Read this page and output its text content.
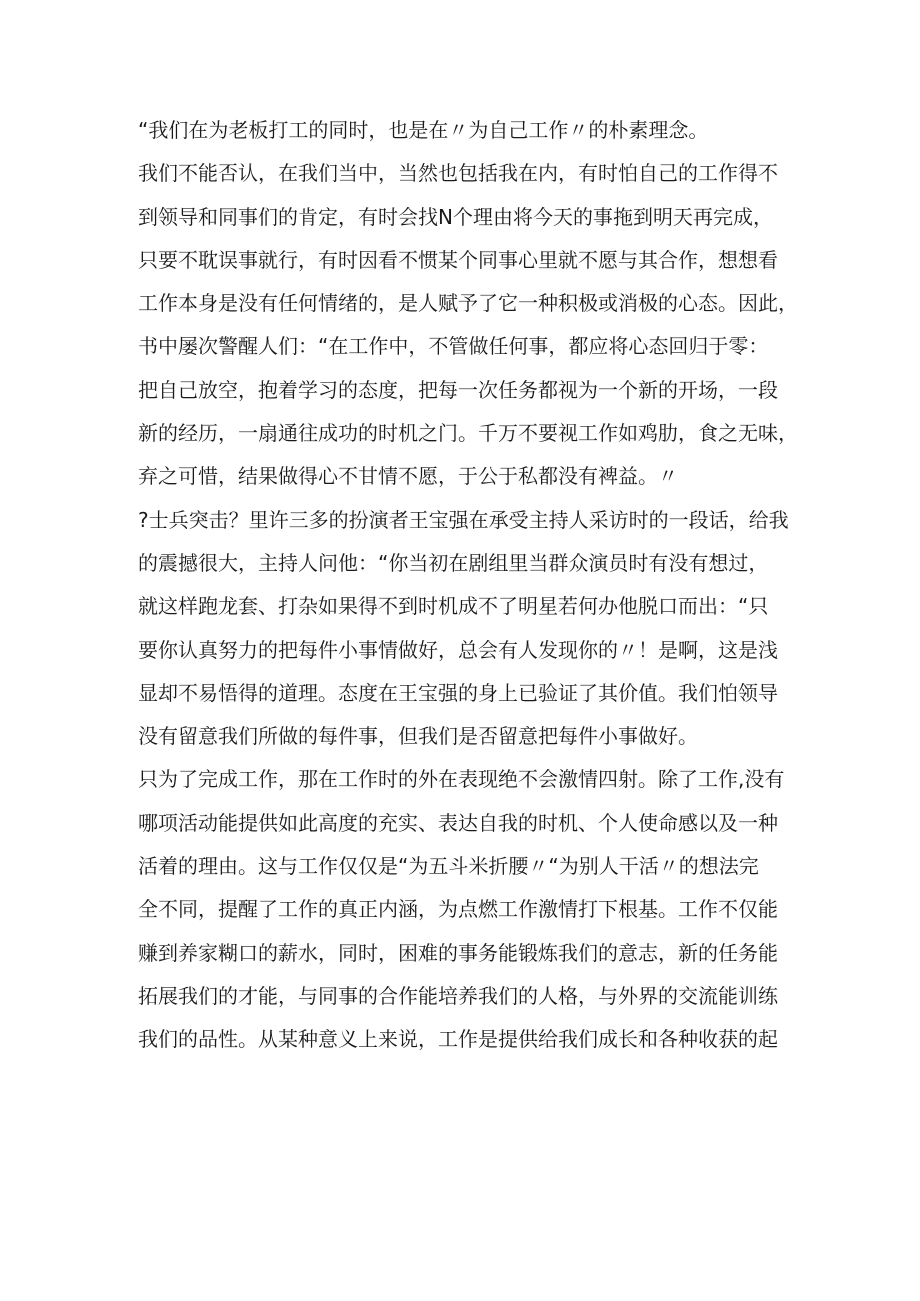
“我们在为老板打工的同时，也是在〃为自己工作〃的朴素理念。
我们不能否认，在我们当中，当然也包括我在内，有时怕自己的工作得不
到领导和同事们的肯定，有时会找N个理由将今天的事拖到明天再完成，
只要不耽误事就行，有时因看不惯某个同事心里就不愿与其合作，想想看
工作本身是没有任何情绪的，是人赋予了它一种积极或消极的心态。因此，
书中屡次警醒人们：“在工作中，不管做任何事，都应将心态回归于零：
把自己放空，抱着学习的态度，把每一次任务都视为一个新的开场，一段
新的经历，一扇通往成功的时机之门。千万不要视工作如鸡肋，食之无味，
弃之可惜，结果做得心不甘情不愿，于公于私都没有裨益。〃
?士兵突击？里许三多的扮演者王宝强在承受主持人采访时的一段话，给我
的震撼很大，主持人问他：“你当初在剧组里当群众演员时有没有想过，
就这样跑龙套、打杂如果得不到时机成不了明星若何办他脱口而出：“只
要你认真努力的把每件小事情做好，总会有人发现你的〃！是啊，这是浅
显却不易悟得的道理。态度在王宝强的身上已验证了其价值。我们怕领导
没有留意我们所做的每件事，但我们是否留意把每件小事做好。
只为了完成工作，那在工作时的外在表现绝不会激情四射。除了工作,没有
哪项活动能提供如此高度的充实、表达自我的时机、个人使命感以及一种
活着的理由。这与工作仅仅是“为五斗米折腰〃“为别人干活〃的想法完
全不同，提醒了工作的真正内涵，为点燃工作激情打下根基。工作不仅能
赚到养家糊口的薪水，同时，困难的事务能锻炼我们的意志，新的任务能
拓展我们的才能，与同事的合作能培养我们的人格，与外界的交流能训练
我们的品性。从某种意义上来说，工作是提供给我们成长和各种收获的起
